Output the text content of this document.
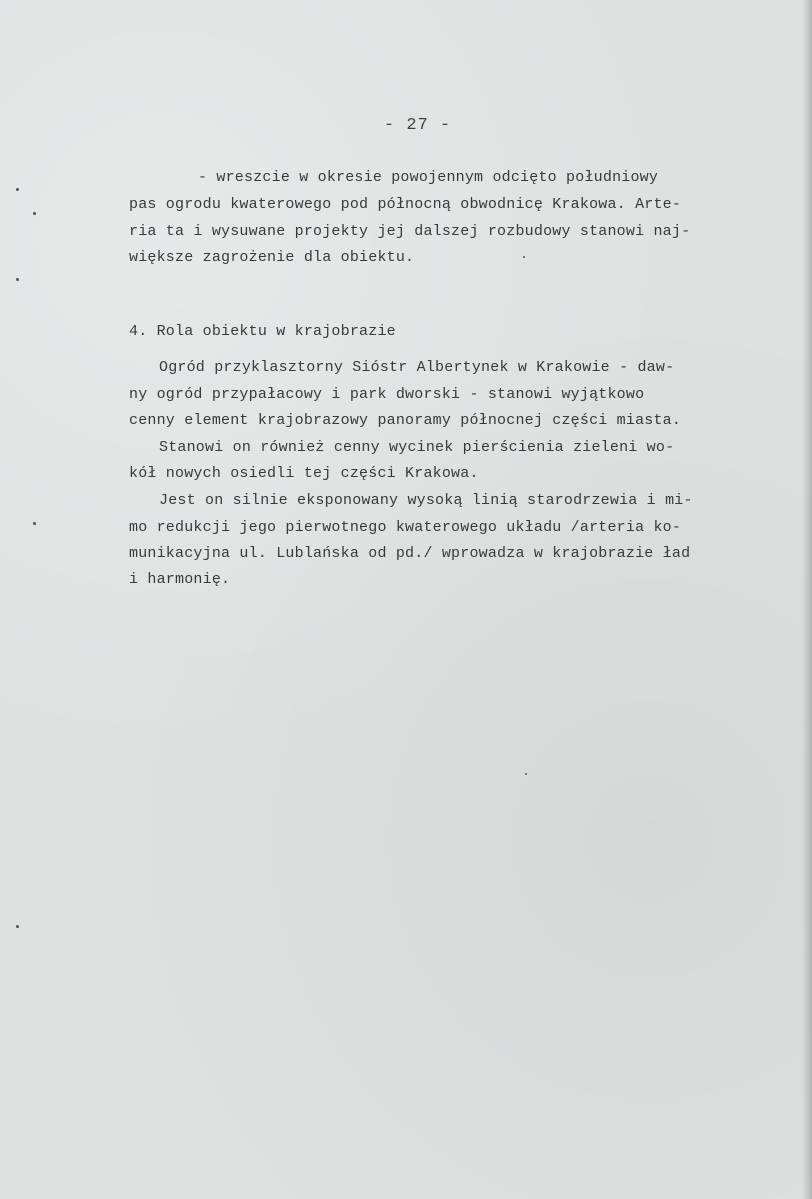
- 27 -
- wreszcie w okresie powojennym odcięto południowy
pas ogrodu kwaterowego pod północną obwodnicę Krakowa. Arte-
ria ta i wysuwane projekty jej dalszej rozbudowy stanowi naj-
większe zagrożenie dla obiektu.
4. Rola obiektu w krajobrazie
Ogród przyklasztorny Sióstr Albertynek w Krakowie - daw-
ny ogród przypałacowy i park dworski - stanowi wyjątkowo
cenny element krajobrazowy panoramy północnej części miasta.
Stanowi on również cenny wycinek pierścienia zieleni wo-
kół nowych osiedli tej części Krakowa.
Jest on silnie eksponowany wysoką linią starodrzewia i mi-
mo redukcji jego pierwotnego kwaterowego układu /arteria ko-
munikacyjna ul. Lublańska od pd./ wprowadza w krajobrazie ład
i harmonię.
